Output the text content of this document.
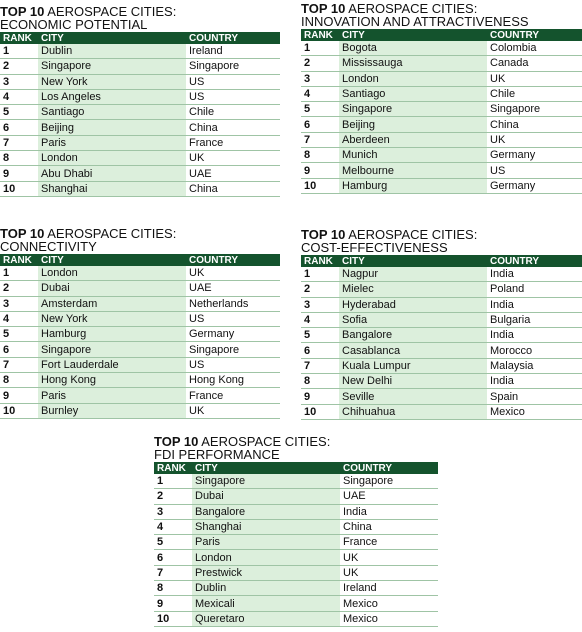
TOP 10 AEROSPACE CITIES:
ECONOMIC POTENTIAL
RANK	CITY	COUNTRY
1	Dublin	Ireland
2	Singapore	Singapore
3	New York	US
4	Los Angeles	US
5	Santiago	Chile
6	Beijing	China
7	Paris	France
8	London	UK
9	Abu Dhabi	UAE
10	Shanghai	China
TOP 10 AEROSPACE CITIES:
INNOVATION AND ATTRACTIVENESS
RANK	CITY	COUNTRY
1	Bogota	Colombia
2	Mississauga	Canada
3	London	UK
4	Santiago	Chile
5	Singapore	Singapore
6	Beijing	China
7	Aberdeen	UK
8	Munich	Germany
9	Melbourne	US
10	Hamburg	Germany
TOP 10 AEROSPACE CITIES:
CONNECTIVITY
RANK	CITY	COUNTRY
1	London	UK
2	Dubai	UAE
3	Amsterdam	Netherlands
4	New York	US
5	Hamburg	Germany
6	Singapore	Singapore
7	Fort Lauderdale	US
8	Hong Kong	Hong Kong
9	Paris	France
10	Burnley	UK
TOP 10 AEROSPACE CITIES:
COST-EFFECTIVENESS
RANK	CITY	COUNTRY
1	Nagpur	India
2	Mielec	Poland
3	Hyderabad	India
4	Sofia	Bulgaria
5	Bangalore	India
6	Casablanca	Morocco
7	Kuala Lumpur	Malaysia
8	New Delhi	India
9	Seville	Spain
10	Chihuahua	Mexico
TOP 10 AEROSPACE CITIES:
FDI PERFORMANCE
RANK	CITY	COUNTRY
1	Singapore	Singapore
2	Dubai	UAE
3	Bangalore	India
4	Shanghai	China
5	Paris	France
6	London	UK
7	Prestwick	UK
8	Dublin	Ireland
9	Mexicali	Mexico
10	Queretaro	Mexico
